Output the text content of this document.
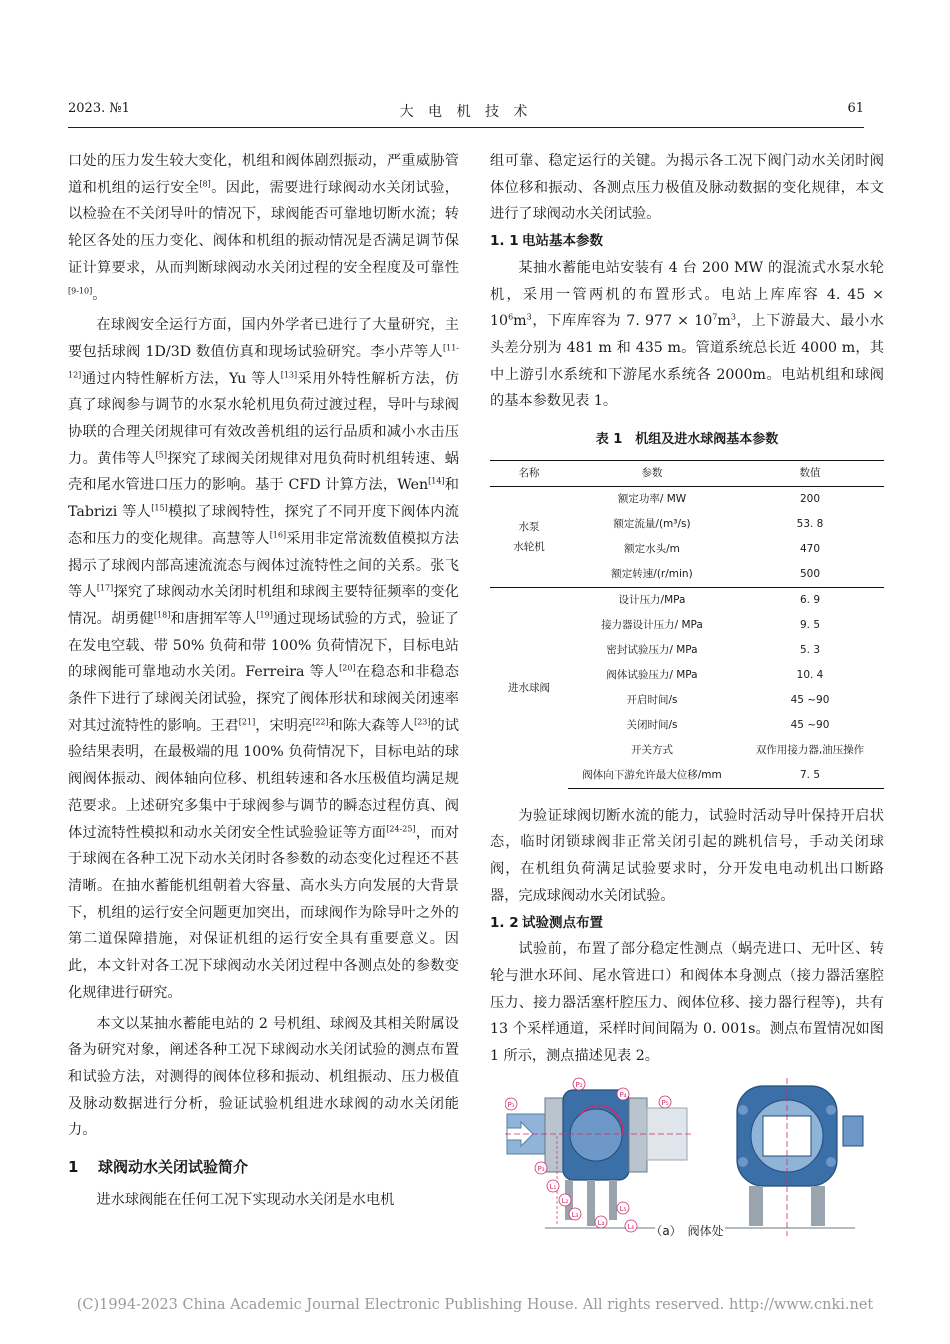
2023. №1	大 电 机 技 术	61

口处的压力发生较大变化，机组和阀体剧烈振动，严重威胁管道和机组的运行安全[8]。因此，需要进行球阀动水关闭试验，以检验在不关闭导叶的情况下，球阀能否可靠地切断水流；转轮区各处的压力变化、阀体和机组的振动情况是否满足调节保证计算要求，从而判断球阀动水关闭过程的安全程度及可靠性[9-10]。

在球阀安全运行方面，国内外学者已进行了大量研究，主要包括球阀 1D/3D 数值仿真和现场试验研究。李小芹等人[11-12]通过内特性解析方法，Yu 等人[13]采用外特性解析方法，仿真了球阀参与调节的水泵水轮机甩负荷过渡过程，导叶与球阀协联的合理关闭规律可有效改善机组的运行品质和减小水击压力。黄伟等人[5]探究了球阀关闭规律对甩负荷时机组转速、蜗壳和尾水管进口压力的影响。基于 CFD 计算方法，Wen[14]和 Tabrizi 等人[15]模拟了球阀特性，探究了不同开度下阀体内流态和压力的变化规律。高慧等人[16]采用非定常流数值模拟方法揭示了球阀内部高速流流态与阀体过流特性之间的关系。张飞等人[17]探究了球阀动水关闭时机组和球阀主要特征频率的变化情况。胡勇健[18]和唐拥军等人[19]通过现场试验的方式，验证了在发电空载、带 50% 负荷和带 100% 负荷情况下，目标电站的球阀能可靠地动水关闭。Ferreira 等人[20]在稳态和非稳态条件下进行了球阀关闭试验，探究了阀体形状和球阀关闭速率对其过流特性的影响。王君[21]，宋明亮[22]和陈大森等人[23]的试验结果表明，在最极端的甩 100% 负荷情况下，目标电站的球阀阀体振动、阀体轴向位移、机组转速和各水压极值均满足规范要求。上述研究多集中于球阀参与调节的瞬态过程仿真、阀体过流特性模拟和动水关闭安全性试验验证等方面[24-25]，而对于球阀在各种工况下动水关闭时各参数的动态变化过程还不甚清晰。在抽水蓄能机组朝着大容量、高水头方向发展的大背景下，机组的运行安全问题更加突出，而球阀作为除导叶之外的第二道保障措施，对保证机组的运行安全具有重要意义。因此，本文针对各工况下球阀动水关闭过程中各测点处的参数变化规律进行研究。

本文以某抽水蓄能电站的 2 号机组、球阀及其相关附属设备为研究对象，阐述各种工况下球阀动水关闭试验的测点布置和试验方法，对测得的阀体位移和振动、机组振动、压力极值及脉动数据进行分析，验证试验机组进水球阀的动水关闭能力。

1 球阀动水关闭试验简介

进水球阀能在任何工况下实现动水关闭是水电机

组可靠、稳定运行的关键。为揭示各工况下阀门动水关闭时阀体位移和振动、各测点压力极值及脉动数据的变化规律，本文进行了球阀动水关闭试验。

1. 1 电站基本参数

某抽水蓄能电站安装有 4 台 200 MW 的混流式水泵水轮机，采用一管两机的布置形式。电站上库库容 4. $45 \times 10^6m^3$，下库库容为 7. $977 \times 10^7m^3$，上下游最大、最小水头差分别为 481 m 和 435 m。管道系统总长近 4000 m，其中上游引水系统和下游尾水系统各 2000m。电站机组和球阀的基本参数见表 1。

表 1　机组及进水球阀基本参数
名称	参数	数值
水泵
水轮机	额定功率/ MW	200
	额定流量/(m³/s)	53. 8
	额定水头/m	470
	额定转速/(r/min)	500
进水球阀	设计压力/MPa	6. 9
	接力器设计压力/ MPa	9. 5
	密封试验压力/ MPa	5. 3
	阀体试验压力/ MPa	10. 4
	开启时间/s	45 ~90
	关闭时间/s	45 ~90
	开关方式	双作用接力器,油压操作
	阀体向下游允许最大位移/mm	7. 5

为验证球阀切断水流的能力，试验时活动导叶保持开启状态，临时闭锁球阀非正常关闭引起的跳机信号，手动关闭球阀，在机组负荷满足试验要求时，分开发电电动机出口断路器，完成球阀动水关闭试验。

1. 2 试验测点布置

试验前，布置了部分稳定性测点（蜗壳进口、无叶区、转轮与泄水环间、尾水管进口）和阀体本身测点（接力器活塞腔压力、接力器活塞杆腔压力、阀体位移、接力器行程等)，共有 13 个采样通道，采样时间间隔为 0. 001s。测点布置情况如图 1 所示，测点描述见表 2。

P₁
P₂
P₃
P₄
P₅
L₁
L₂
L₃
L₄
L₅
L₆	（a）　阀体处
(C)1994-2023 China Academic Journal Electronic Publishing House. All rights reserved. http://www.cnki.net
